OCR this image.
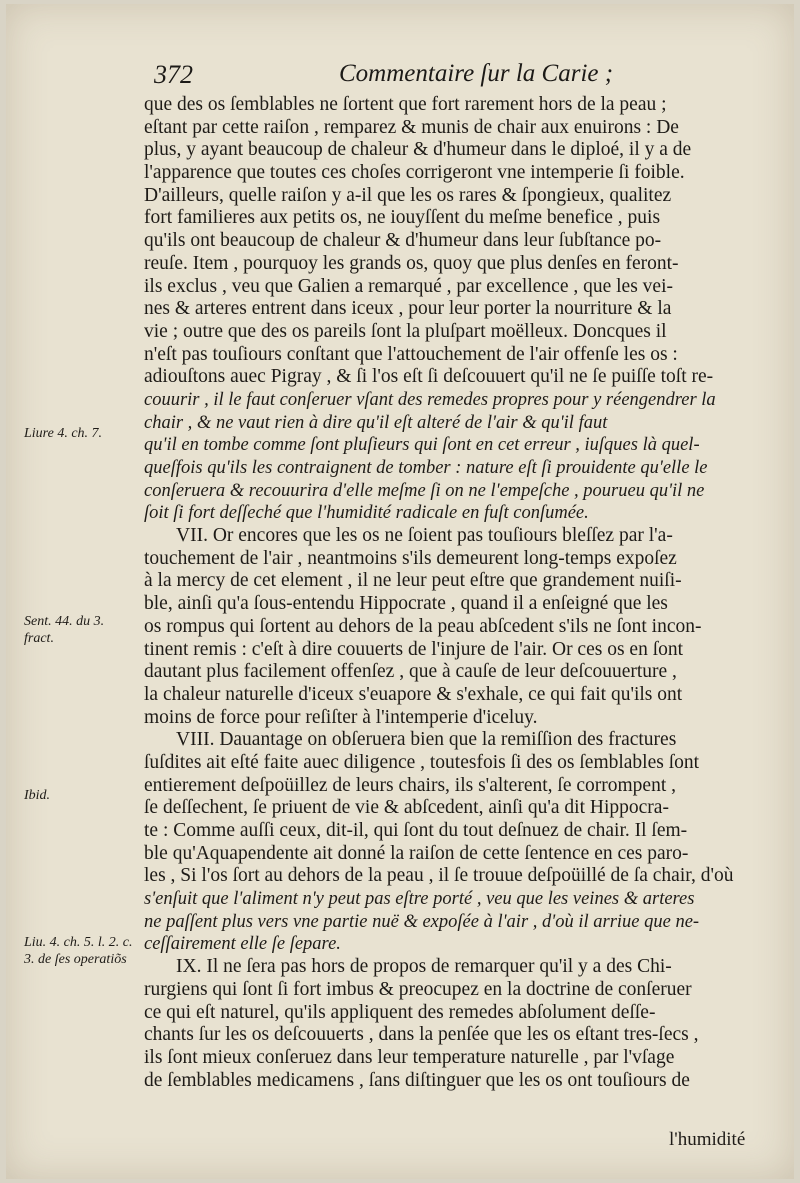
372	Commentaire ſur la Carie ;
Liure 4. ch. 7.
Sent. 44. du 3. fract.
Ibid.
Liu. 4. ch. 5. l. 2. c. 3. de ſes operatiõs
que des os ſemblables ne ſortent que fort rarement hors de la peau ;
eſtant par cette raiſon , remparez & munis de chair aux enuirons : De
plus, y ayant beaucoup de chaleur & d'humeur dans le diploé, il y a de
l'apparence que toutes ces choſes corrigeront vne intemperie ſi foible.
D'ailleurs, quelle raiſon y a-il que les os rares & ſpongieux, qualitez
fort familieres aux petits os, ne iouyſſent du meſme benefice , puis
qu'ils ont beaucoup de chaleur & d'humeur dans leur ſubſtance po-
reuſe. Item , pourquoy les grands os, quoy que plus denſes en feront-
ils exclus , veu que Galien a remarqué , par excellence , que les vei-
nes & arteres entrent dans iceux , pour leur porter la nourriture & la
vie ; outre que des os pareils ſont la pluſpart moëlleux. Doncques il
n'eſt pas touſiours conſtant que l'attouchement de l'air offenſe les os :
adiouſtons auec Pigray , & ſi l'os eſt ſi deſcouuert qu'il ne ſe puiſſe toſt re-
couurir , il le faut conſeruer vſant des remedes propres pour y réengendrer la
chair , & ne vaut rien à dire qu'il eſt alteré de l'air & qu'il faut
qu'il en tombe comme ſont pluſieurs qui ſont en cet erreur , iuſques là quel-
queſfois qu'ils les contraignent de tomber : nature eſt ſi prouidente qu'elle le
conſeruera & recouurira d'elle meſme ſi on ne l'empeſche , pourueu qu'il ne
ſoit ſi fort deſſeché que l'humidité radicale en fuſt conſumée.
VII. Or encores que les os ne ſoient pas touſiours bleſſez par l'a-
touchement de l'air , neantmoins s'ils demeurent long-temps expoſez
à la mercy de cet element , il ne leur peut eſtre que grandement nuiſi-
ble, ainſi qu'a ſous-entendu Hippocrate , quand il a enſeigné que les
os rompus qui ſortent au dehors de la peau abſcedent s'ils ne ſont incon-
tinent remis : c'eſt à dire couuerts de l'injure de l'air. Or ces os en ſont
dautant plus facilement offenſez , que à cauſe de leur deſcouuerture ,
la chaleur naturelle d'iceux s'euapore & s'exhale, ce qui fait qu'ils ont
moins de force pour reſiſter à l'intemperie d'iceluy.
VIII. Dauantage on obſeruera bien que la remiſſion des fractures
ſuſdites ait eſté faite auec diligence , toutesfois ſi des os ſemblables ſont
entierement deſpoüillez de leurs chairs, ils s'alterent, ſe corrompent ,
ſe deſſechent, ſe priuent de vie & abſcedent, ainſi qu'a dit Hippocra-
te : Comme auſſi ceux, dit-il, qui ſont du tout deſnuez de chair. Il ſem-
ble qu'Aquapendente ait donné la raiſon de cette ſentence en ces paro-
les , Si l'os ſort au dehors de la peau , il ſe trouue deſpoüillé de ſa chair, d'où
s'enſuit que l'aliment n'y peut pas eſtre porté , veu que les veines & arteres
ne paſſent plus vers vne partie nuë & expoſée à l'air , d'où il arriue que ne-
ceſſairement elle ſe ſepare.
IX. Il ne ſera pas hors de propos de remarquer qu'il y a des Chi-
rurgiens qui ſont ſi fort imbus & preocupez en la doctrine de conſeruer
ce qui eſt naturel, qu'ils appliquent des remedes abſolument deſſe-
chants ſur les os deſcouuerts , dans la penſée que les os eſtant tres-ſecs ,
ils ſont mieux conſeruez dans leur temperature naturelle , par l'vſage
de ſemblables medicamens , ſans diſtinguer que les os ont touſiours de
l'humidité
